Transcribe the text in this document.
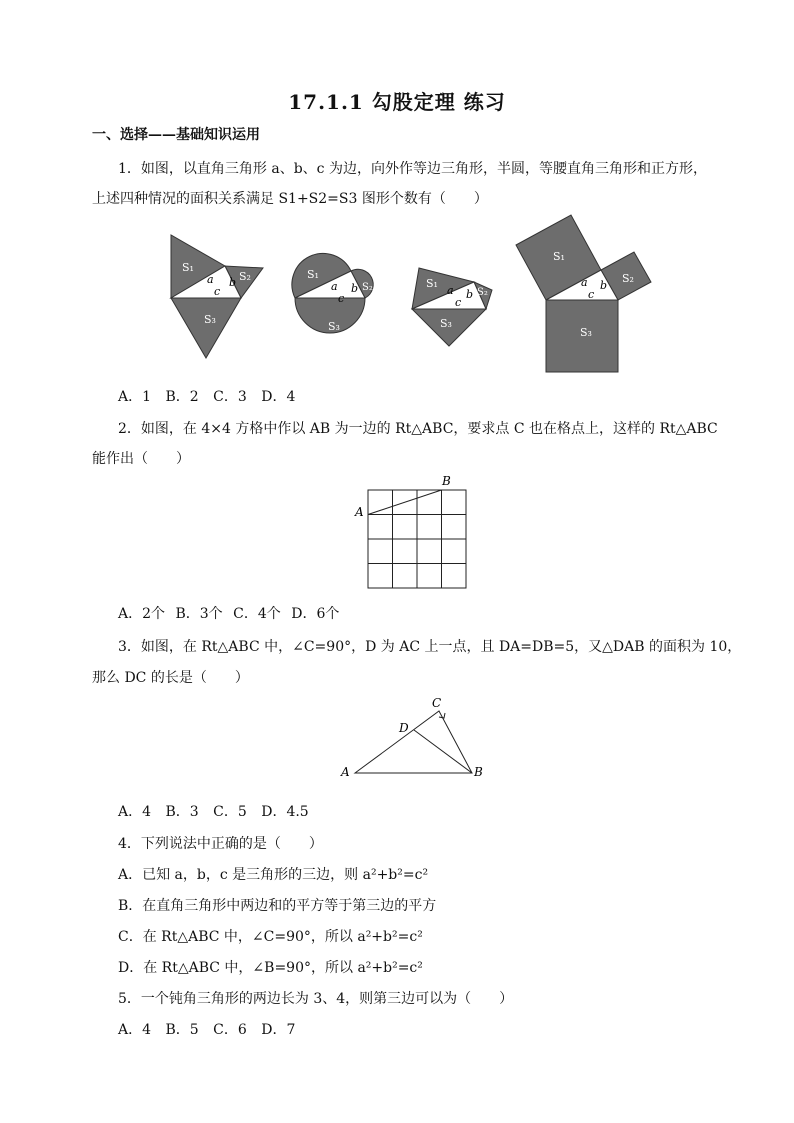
17.1.1 勾股定理 练习
一、选择——基础知识运用
1．如图，以直角三角形 a、b、c 为边，向外作等边三角形，半圆，等腰直角三角形和正方形，
上述四种情况的面积关系满足 S1+S2=S3 图形个数有（　　）
S₁
S₂
S₃
a b
c
S₁
S₂
S₃
a b
c
S₁
S₂
S₃
a b
c
S₁
S₂
S₃
a b
c
A．1 B．2 C．3 D．4
2．如图，在 4×4 方格中作以 AB 为一边的 Rt△ABC，要求点 C 也在格点上，这样的 Rt△ABC
能作出（　　）
A
B
A．2个 B．3个 C．4个 D．6个
3．如图，在 Rt△ABC 中，∠C=90°，D 为 AC 上一点，且 DA=DB=5，又△DAB 的面积为 10，
那么 DC 的长是（　　）
A	B
C
D
A．4 B．3 C．5 D．4.5
4．下列说法中正确的是（　　）
A．已知 a，b，c 是三角形的三边，则 a²+b²=c²
B．在直角三角形中两边和的平方等于第三边的平方
C．在 Rt△ABC 中，∠C=90°，所以 a²+b²=c²
D．在 Rt△ABC 中，∠B=90°，所以 a²+b²=c²
5．一个钝角三角形的两边长为 3、4，则第三边可以为（　　）
A．4 B．5 C．6 D．7
